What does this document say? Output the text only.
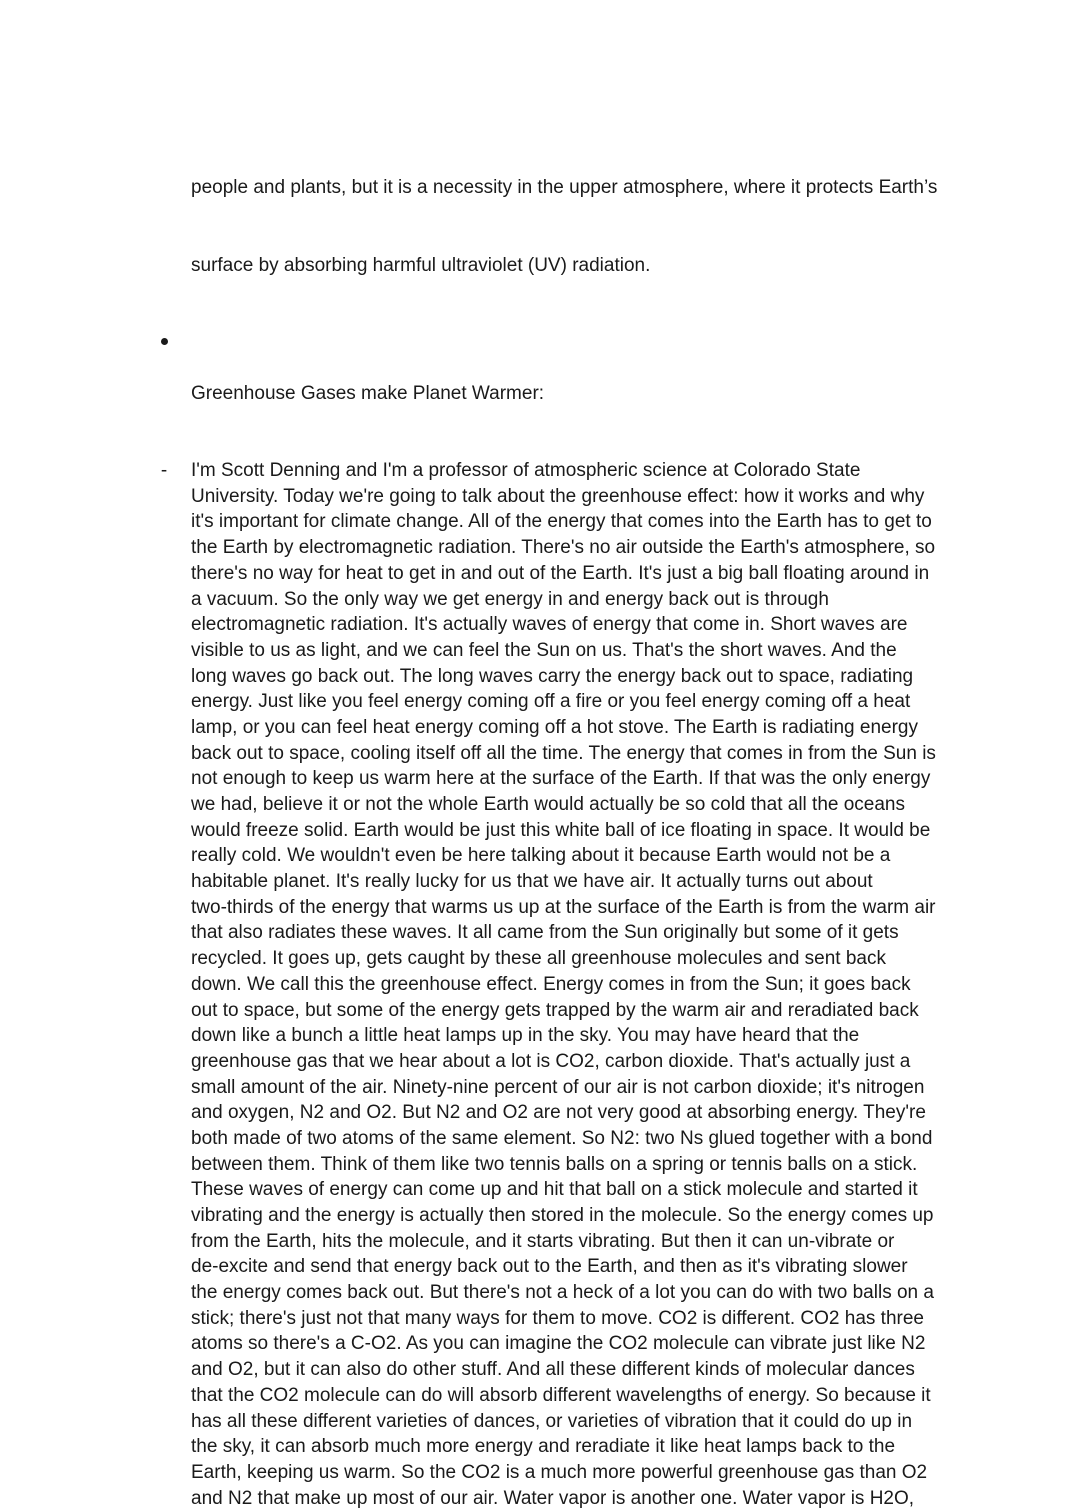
people and plants, but it is a necessity in the upper atmosphere, where it protects Earth’s

surface by absorbing harmful ultraviolet (UV) radiation.

Greenhouse Gases make Planet Warmer:

- I'm Scott Denning and I'm a professor of atmospheric science at Colorado State
University. Today we're going to talk about the greenhouse effect: how it works and why
it's important for climate change. All of the energy that comes into the Earth has to get to
the Earth by electromagnetic radiation. There's no air outside the Earth's atmosphere, so
there's no way for heat to get in and out of the Earth. It's just a big ball floating around in
a vacuum. So the only way we get energy in and energy back out is through
electromagnetic radiation. It's actually waves of energy that come in. Short waves are
visible to us as light, and we can feel the Sun on us. That's the short waves. And the
long waves go back out. The long waves carry the energy back out to space, radiating
energy. Just like you feel energy coming off a fire or you feel energy coming off a heat
lamp, or you can feel heat energy coming off a hot stove. The Earth is radiating energy
back out to space, cooling itself off all the time. The energy that comes in from the Sun is
not enough to keep us warm here at the surface of the Earth. If that was the only energy
we had, believe it or not the whole Earth would actually be so cold that all the oceans
would freeze solid. Earth would be just this white ball of ice floating in space. It would be
really cold. We wouldn't even be here talking about it because Earth would not be a
habitable planet. It's really lucky for us that we have air. It actually turns out about
two-thirds of the energy that warms us up at the surface of the Earth is from the warm air
that also radiates these waves. It all came from the Sun originally but some of it gets
recycled. It goes up, gets caught by these all greenhouse molecules and sent back
down. We call this the greenhouse effect. Energy comes in from the Sun; it goes back
out to space, but some of the energy gets trapped by the warm air and reradiated back
down like a bunch a little heat lamps up in the sky. You may have heard that the
greenhouse gas that we hear about a lot is CO2, carbon dioxide. That's actually just a
small amount of the air. Ninety-nine percent of our air is not carbon dioxide; it's nitrogen
and oxygen, N2 and O2. But N2 and O2 are not very good at absorbing energy. They're
both made of two atoms of the same element. So N2: two Ns glued together with a bond
between them. Think of them like two tennis balls on a spring or tennis balls on a stick.
These waves of energy can come up and hit that ball on a stick molecule and started it
vibrating and the energy is actually then stored in the molecule. So the energy comes up
from the Earth, hits the molecule, and it starts vibrating. But then it can un-vibrate or
de-excite and send that energy back out to the Earth, and then as it's vibrating slower
the energy comes back out. But there's not a heck of a lot you can do with two balls on a
stick; there's just not that many ways for them to move. CO2 is different. CO2 has three
atoms so there's a C-O2. As you can imagine the CO2 molecule can vibrate just like N2
and O2, but it can also do other stuff. And all these different kinds of molecular dances
that the CO2 molecule can do will absorb different wavelengths of energy. So because it
has all these different varieties of dances, or varieties of vibration that it could do up in
the sky, it can absorb much more energy and reradiate it like heat lamps back to the
Earth, keeping us warm. So the CO2 is a much more powerful greenhouse gas than O2
and N2 that make up most of our air. Water vapor is another one. Water vapor is H2O,
